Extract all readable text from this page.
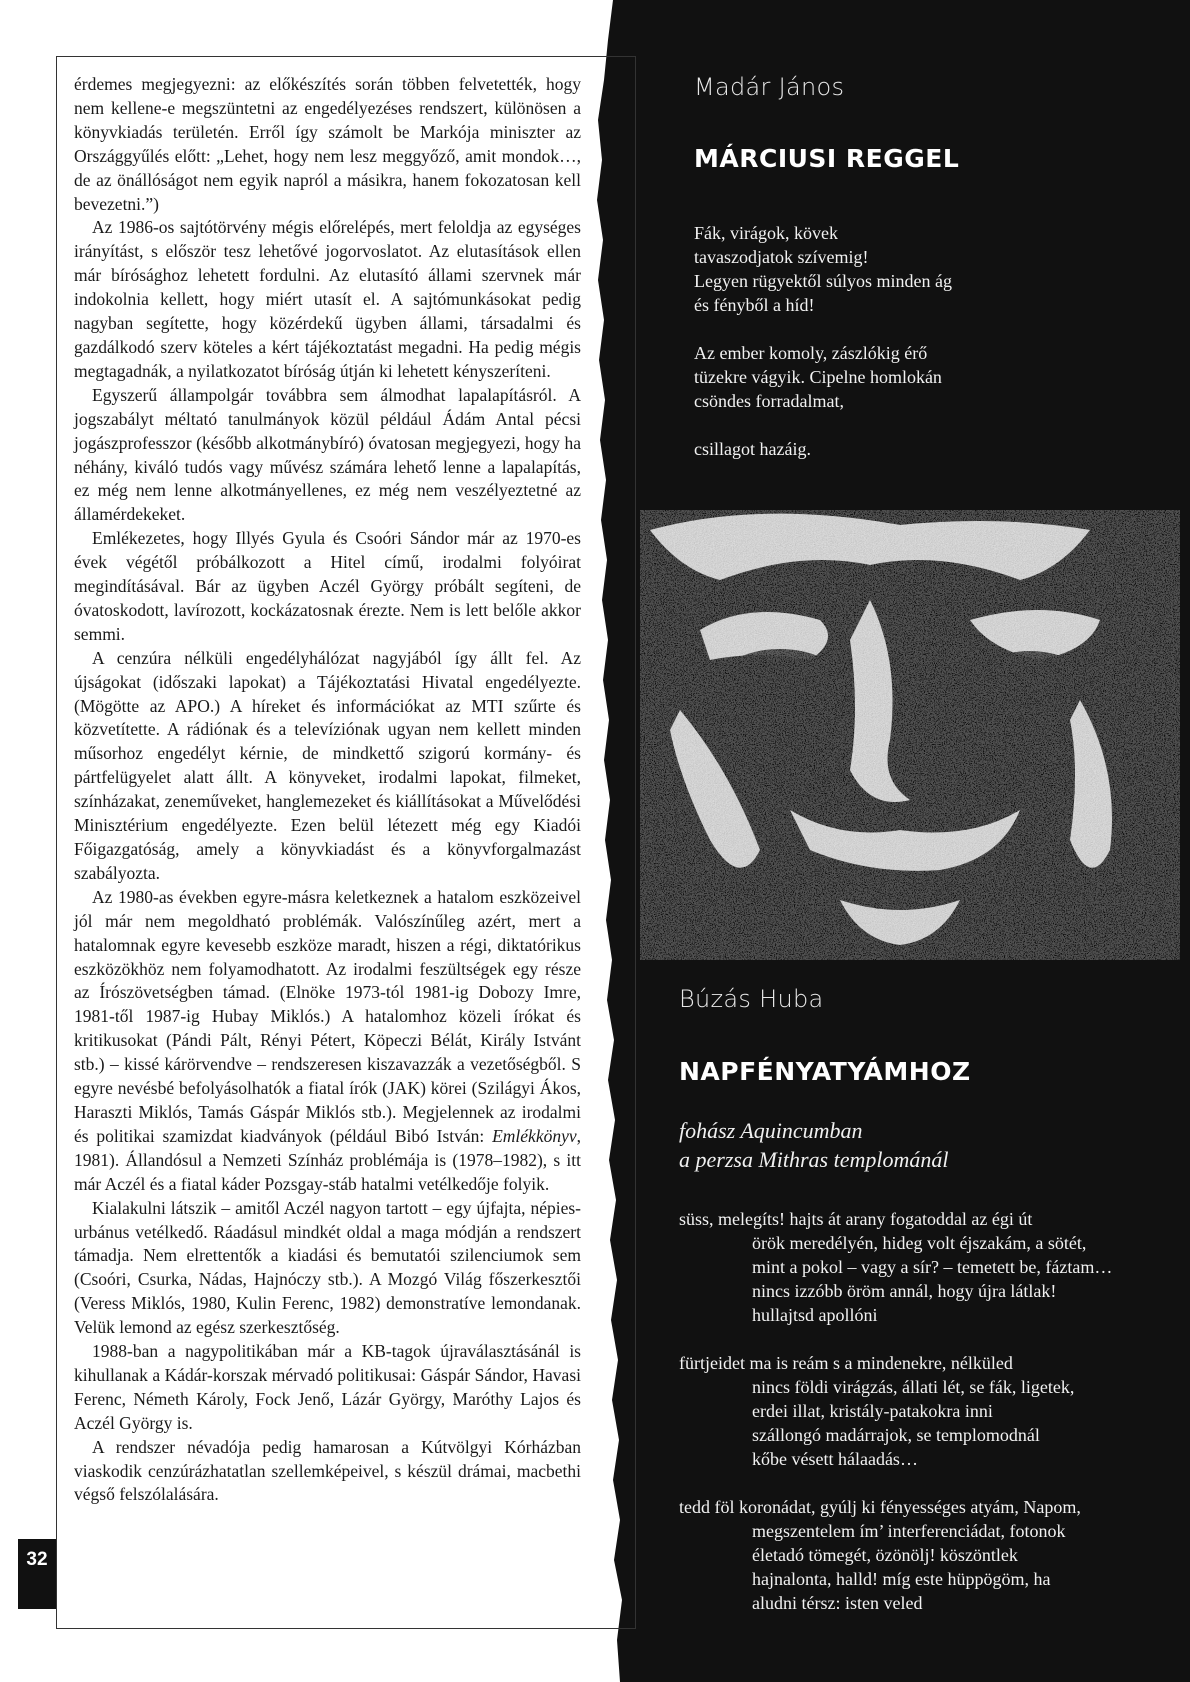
érdemes megjegyezni: az előkészítés során többen felvetették, hogy nem kellene-e megszüntetni az engedélyezéses rendszert, különösen a könyvkiadás területén. Erről így számolt be Markója miniszter az Országgyűlés előtt: „Lehet, hogy nem lesz meggyőző, amit mondok…, de az önállóságot nem egyik napról a másikra, hanem fokozatosan kell bevezetni.”)

Az 1986-os sajtótörvény mégis előrelépés, mert feloldja az egységes irányítást, s először tesz lehetővé jogorvoslatot. Az elutasítások ellen már bírósághoz lehetett fordulni. Az elutasító állami szervnek már indokolnia kellett, hogy miért utasít el. A sajtómunkásokat pedig nagyban segítette, hogy közérdekű ügyben állami, társadalmi és gazdálkodó szerv köteles a kért tájékoztatást megadni. Ha pedig mégis megtagadnák, a nyilatkozatot bíróság útján ki lehetett kényszeríteni.

Egyszerű állampolgár továbbra sem álmodhat lapalapításról. A jogszabályt méltató tanulmányok közül például Ádám Antal pécsi jogászprofesszor (később alkotmánybíró) óvatosan megjegyezi, hogy ha néhány, kiváló tudós vagy művész számára lehető lenne a lapalapítás, ez még nem lenne alkotmányellenes, ez még nem veszélyeztetné az államérdekeket.

Emlékezetes, hogy Illyés Gyula és Csoóri Sándor már az 1970-es évek végétől próbálkozott a Hitel című, irodalmi folyóirat megindításával. Bár az ügyben Aczél György próbált segíteni, de óvatoskodott, lavírozott, kockázatosnak érezte. Nem is lett belőle akkor semmi.

A cenzúra nélküli engedélyhálózat nagyjából így állt fel. Az újságokat (időszaki lapokat) a Tájékoztatási Hivatal engedélyezte. (Mögötte az APO.) A híreket és információkat az MTI szűrte és közvetítette. A rádiónak és a televíziónak ugyan nem kellett minden műsorhoz engedélyt kérnie, de mindkettő szigorú kormány- és pártfelügyelet alatt állt. A könyveket, irodalmi lapokat, filmeket, színházakat, zeneműveket, hanglemezeket és kiállításokat a Művelődési Minisztérium engedélyezte. Ezen belül létezett még egy Kiadói Főigazgatóság, amely a könyvkiadást és a könyvforgalmazást szabályozta.

Az 1980-as években egyre-másra keletkeznek a hatalom eszközeivel jól már nem megoldható problémák. Valószínűleg azért, mert a hatalomnak egyre kevesebb eszköze maradt, hiszen a régi, diktatórikus eszközökhöz nem folyamodhatott. Az irodalmi feszültségek egy része az Írószövetségben támad. (Elnöke 1973-tól 1981-ig Dobozy Imre, 1981-től 1987-ig Hubay Miklós.) A hatalomhoz közeli írókat és kritikusokat (Pándi Pált, Rényi Pétert, Köpeczi Bélát, Király Istvánt stb.) – kissé kárörvendve – rendszeresen kiszavazzák a vezetőségből. S egyre nevésbé befolyásolhatók a fiatal írók (JAK) körei (Szilágyi Ákos, Haraszti Miklós, Tamás Gáspár Miklós stb.). Megjelennek az irodalmi és politikai szamizdat kiadványok (például Bibó István: Emlékkönyv, 1981). Állandósul a Nemzeti Színház problémája is (1978–1982), s itt már Aczél és a fiatal káder Pozsgay-stáb hatalmi vetélkedője folyik.

Kialakulni látszik – amitől Aczél nagyon tartott – egy újfajta, népies-urbánus vetélkedő. Ráadásul mindkét oldal a maga módján a rendszert támadja. Nem elrettentők a kiadási és bemutatói szilenciumok sem (Csoóri, Csurka, Nádas, Hajnóczy stb.). A Mozgó Világ főszerkesztői (Veress Miklós, 1980, Kulin Ferenc, 1982) demonstratíve lemondanak. Velük lemond az egész szerkesztőség.

1988-ban a nagypolitikában már a KB-tagok újraválasztásánál is kihullanak a Kádár-korszak mérvadó politikusai: Gáspár Sándor, Havasi Ferenc, Németh Károly, Fock Jenő, Lázár György, Maróthy Lajos és Aczél György is.

A rendszer névadója pedig hamarosan a Kútvölgyi Kórházban viaskodik cenzúrázhatatlan szellemképeivel, s készül drámai, macbethi végső felszólalására.

32
Madár János
MÁRCIUSI REGGEL
Fák, virágok, kövek
tavaszodjatok szívemig!
Legyen rügyektől súlyos minden ág
és fényből a híd!
Az ember komoly, zászlókig érő
tüzekre vágyik. Cipelne homlokán
csöndes forradalmat,
csillagot hazáig.
Búzás Huba
NAPFÉNYATYÁMHOZ
fohász Aquincumban
a perzsa Mithras templománál
süss, melegíts! hajts át arany fogatoddal az égi út
örök meredélyén, hideg volt éjszakám, a sötét,
mint a pokol – vagy a sír? – temetett be, fáztam…
nincs izzóbb öröm annál, hogy újra látlak!
hullajtsd apollóni
fürtjeidet ma is reám s a mindenekre, nélküled
nincs földi virágzás, állati lét, se fák, ligetek,
erdei illat, kristály-patakokra inni
szállongó madárrajok, se templomodnál
kőbe vésett hálaadás…
tedd föl koronádat, gyúlj ki fényességes atyám, Napom,
megszentelem ím’ interferenciádat, fotonok
életadó tömegét, özönölj! köszöntlek
hajnalonta, halld! míg este hüppögöm, ha
aludni térsz: isten veled
